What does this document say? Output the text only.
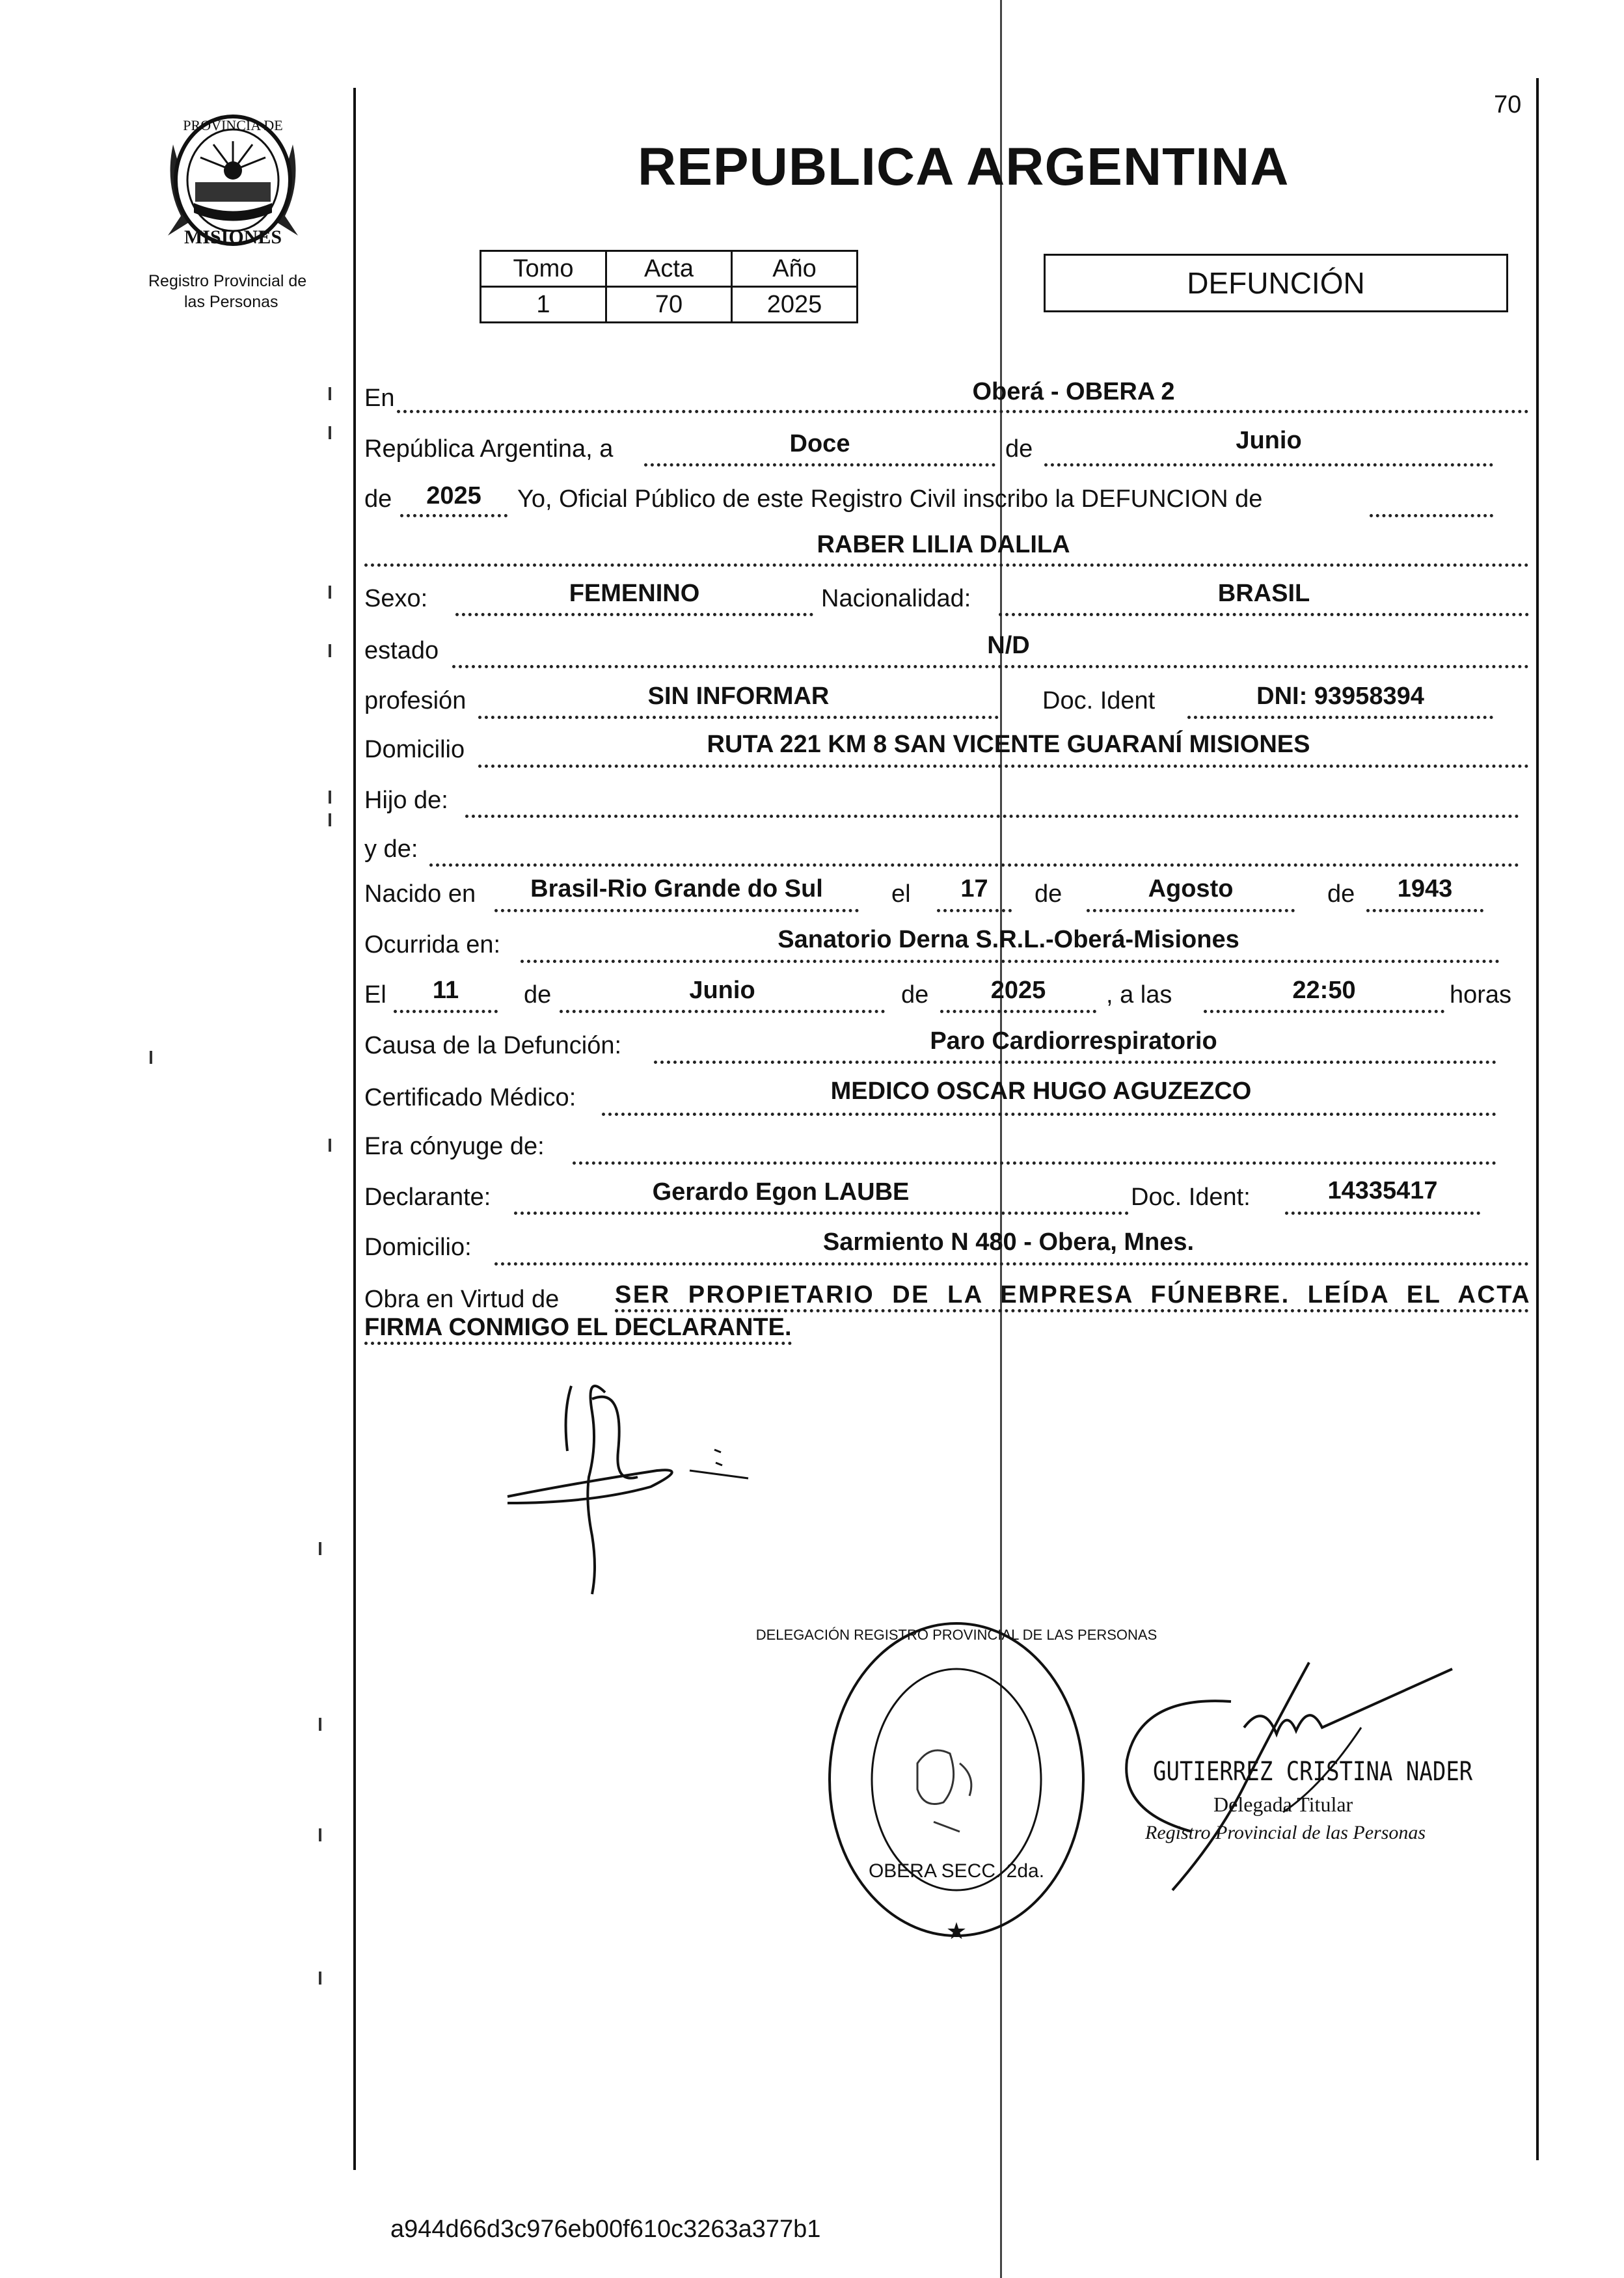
70
PROVINCIA DE
MISIONES
Registro Provincial de
las Personas
REPUBLICA ARGENTINA
Tomo	Acta	Año
1	70	2025
DEFUNCIÓN
En	Oberá - OBERA 2
República Argentina, a	Doce	de	Junio
de	2025	Yo, Oficial Público de este Registro Civil inscribo la DEFUNCION de
RABER LILIA DALILA
Sexo:	FEMENINO	Nacionalidad:	BRASIL
estado	N/D
profesión	SIN INFORMAR	Doc. Ident	DNI: 93958394
Domicilio	RUTA 221 KM 8 SAN VICENTE GUARANÍ MISIONES
Hijo de:
y de:
Nacido en	Brasil-Rio Grande do Sul	el	17	de	Agosto	de	1943
Ocurrida en:	Sanatorio Derna S.R.L.-Oberá-Misiones
El	11	de	Junio	de	2025	, a las	22:50	horas
Causa de la Defunción:	Paro Cardiorrespiratorio
Certificado Médico:	MEDICO OSCAR HUGO AGUZEZCO
Era cónyuge de:
Declarante:	Gerardo Egon LAUBE	Doc. Ident:	14335417
Domicilio:	Sarmiento N 480 - Obera, Mnes.
Obra en Virtud de SER PROPIETARIO DE LA EMPRESA FÚNEBRE. LEÍDA EL ACTA
FIRMA CONMIGO EL DECLARANTE.
OBERA SECC. 2da.
DELEGACIÓN REGISTRO PROVINCIAL DE LAS PERSONAS
★
GUTIERREZ CRISTINA NADER
Delegada Titular
Registro Provincial de las Personas
a944d66d3c976eb00f610c3263a377b1
